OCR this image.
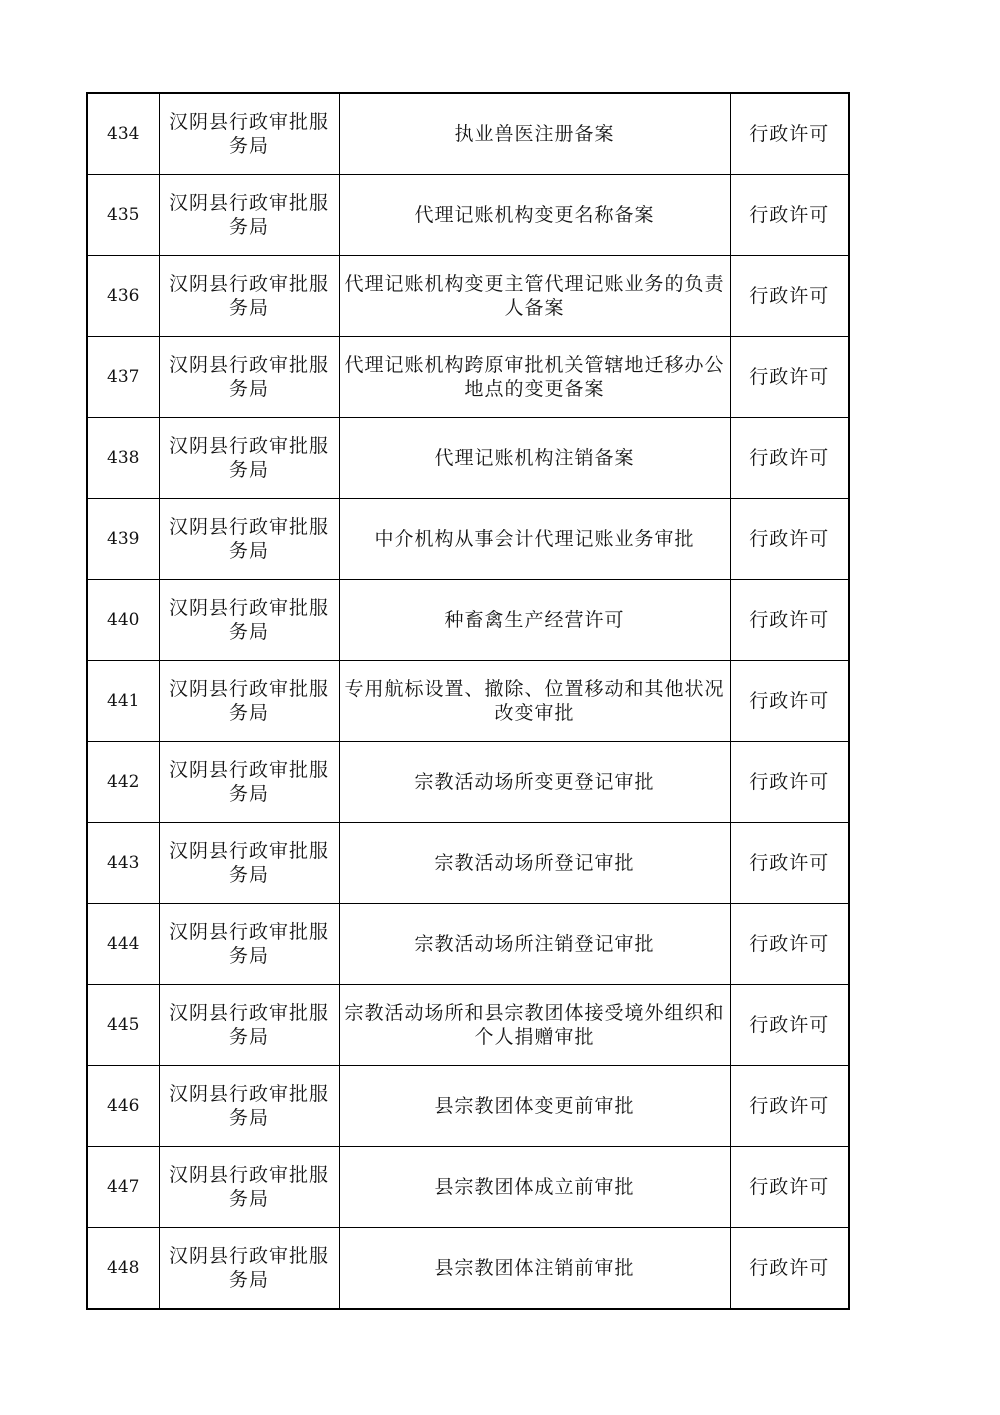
434	汉阴县行政审批服务局	执业兽医注册备案	行政许可
435	汉阴县行政审批服务局	代理记账机构变更名称备案	行政许可
436	汉阴县行政审批服务局	代理记账机构变更主管代理记账业务的负责人备案	行政许可
437	汉阴县行政审批服务局	代理记账机构跨原审批机关管辖地迁移办公地点的变更备案	行政许可
438	汉阴县行政审批服务局	代理记账机构注销备案	行政许可
439	汉阴县行政审批服务局	中介机构从事会计代理记账业务审批	行政许可
440	汉阴县行政审批服务局	种畜禽生产经营许可	行政许可
441	汉阴县行政审批服务局	专用航标设置、撤除、位置移动和其他状况改变审批	行政许可
442	汉阴县行政审批服务局	宗教活动场所变更登记审批	行政许可
443	汉阴县行政审批服务局	宗教活动场所登记审批	行政许可
444	汉阴县行政审批服务局	宗教活动场所注销登记审批	行政许可
445	汉阴县行政审批服务局	宗教活动场所和县宗教团体接受境外组织和个人捐赠审批	行政许可
446	汉阴县行政审批服务局	县宗教团体变更前审批	行政许可
447	汉阴县行政审批服务局	县宗教团体成立前审批	行政许可
448	汉阴县行政审批服务局	县宗教团体注销前审批	行政许可
